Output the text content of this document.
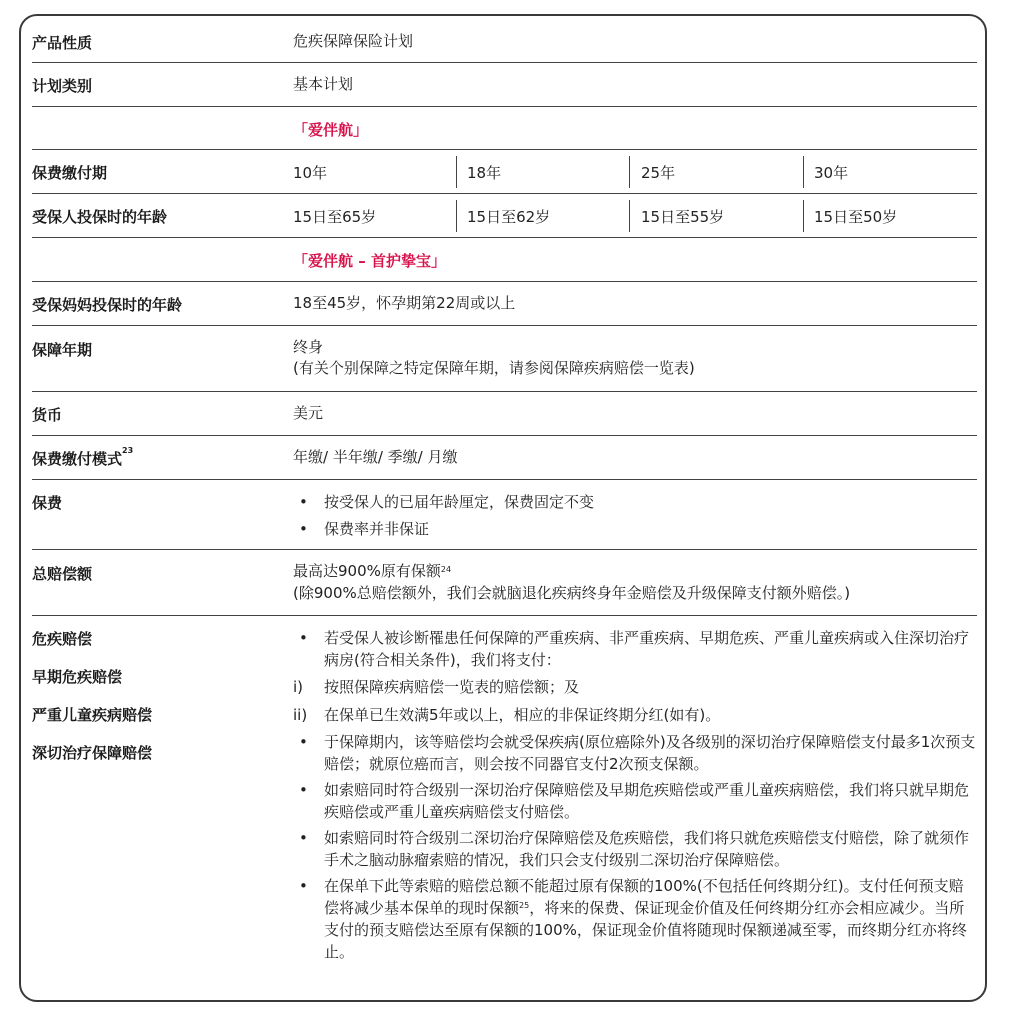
产品性质	危疾保障保险计划
计划类别	基本计划
「爱伴航」
保费缴付期	10年	18年	25年	30年
受保人投保时的年龄	15日至65岁	15日至62岁	15日至55岁	15日至50岁
「爱伴航 – 首护挚宝」
受保妈妈投保时的年龄	18至45岁，怀孕期第22周或以上
保障年期	终身
(有关个别保障之特定保障年期，请参阅保障疾病赔偿一览表)
货币	美元
保费缴付模式$^{23}$	年缴/ 半年缴/ 季缴/ 月缴
保费
•	按受保人的已届年龄厘定，保费固定不变
• 保费率并非保证
总赔偿额	最高达900%原有保额$^{24}$
(除900%总赔偿额外，我们会就脑退化疾病终身年金赔偿及升级保障支付额外赔偿。)
危疾赔偿
早期危疾赔偿
严重儿童疾病赔偿
深切治疗保障赔偿
• 若受保人被诊断罹患任何保障的严重疾病、非严重疾病、早期危疾、严重儿童疾病或入住深切治疗病房(符合相关条件)，我们将支付：
i) 按照保障疾病赔偿一览表的赔偿额；及
ii) 在保单已生效满5年或以上，相应的非保证终期分红(如有)。
• 于保障期内，该等赔偿均会就受保疾病(原位癌除外)及各级别的深切治疗保障赔偿支付最多1次预支赔偿；就原位癌而言，则会按不同器官支付2次预支保额。
• 如索赔同时符合级别一深切治疗保障赔偿及早期危疾赔偿或严重儿童疾病赔偿，我们将只就早期危疾赔偿或严重儿童疾病赔偿支付赔偿。
• 如索赔同时符合级别二深切治疗保障赔偿及危疾赔偿，我们将只就危疾赔偿支付赔偿，除了就须作手术之脑动脉瘤索赔的情况，我们只会支付级别二深切治疗保障赔偿。
• 在保单下此等索赔的赔偿总额不能超过原有保额的100%(不包括任何终期分红)。支付任何预支赔偿将减少基本保单的现时保额$^{25}$，将来的保费、保证现金价值及任何终期分红亦会相应减少。当所支付的预支赔偿达至原有保额的100%，保证现金价值将随现时保额递减至零，而终期分红亦将终止。
